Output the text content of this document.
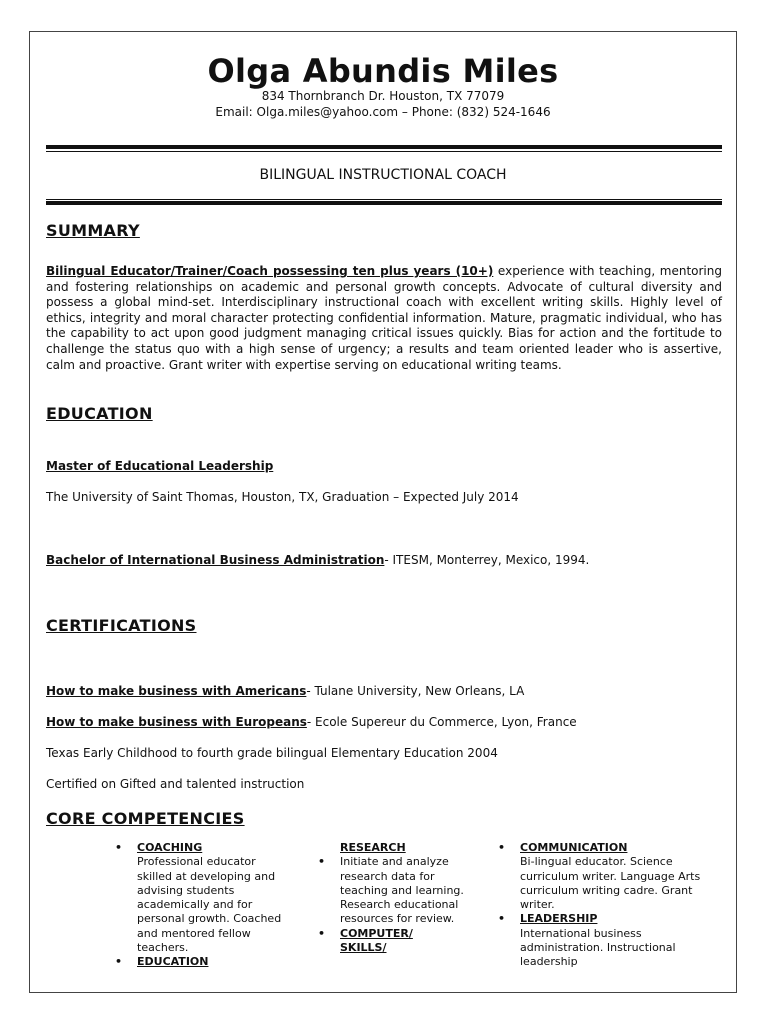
Olga Abundis Miles
834 Thornbranch Dr. Houston, TX 77079
Email: Olga.miles@yahoo.com – Phone: (832) 524-1646
BILINGUAL INSTRUCTIONAL COACH
SUMMARY
Bilingual Educator/Trainer/Coach possessing ten plus years (10+) experience with teaching, mentoring and fostering relationships on academic and personal growth concepts. Advocate of cultural diversity and possess a global mind-set. Interdisciplinary instructional coach with excellent writing skills. Highly level of ethics, integrity and moral character protecting confidential information. Mature, pragmatic individual, who has the capability to act upon good judgment managing critical issues quickly. Bias for action and the fortitude to challenge the status quo with a high sense of urgency; a results and team oriented leader who is assertive, calm and proactive. Grant writer with expertise serving on educational writing teams.
EDUCATION
Master of Educational Leadership
The University of Saint Thomas, Houston, TX, Graduation – Expected July 2014
Bachelor of International Business Administration- ITESM, Monterrey, Mexico, 1994.
CERTIFICATIONS
How to make business with Americans- Tulane University, New Orleans, LA
How to make business with Europeans- Ecole Supereur du Commerce, Lyon, France
Texas Early Childhood to fourth grade bilingual Elementary Education 2004
Certified on Gifted and talented instruction
CORE COMPETENCIES
• COACHING
Professional educator skilled at developing and advising students academically and for personal growth. Coached and mentored fellow teachers.
• EDUCATION
RESEARCH
• Initiate and analyze research data for teaching and learning. Research educational resources for review.
• COMPUTER/
SKILLS/
• COMMUNICATION
Bi-lingual educator. Science curriculum writer. Language Arts curriculum writing cadre. Grant writer.
• LEADERSHIP
International business administration. Instructional leadership
